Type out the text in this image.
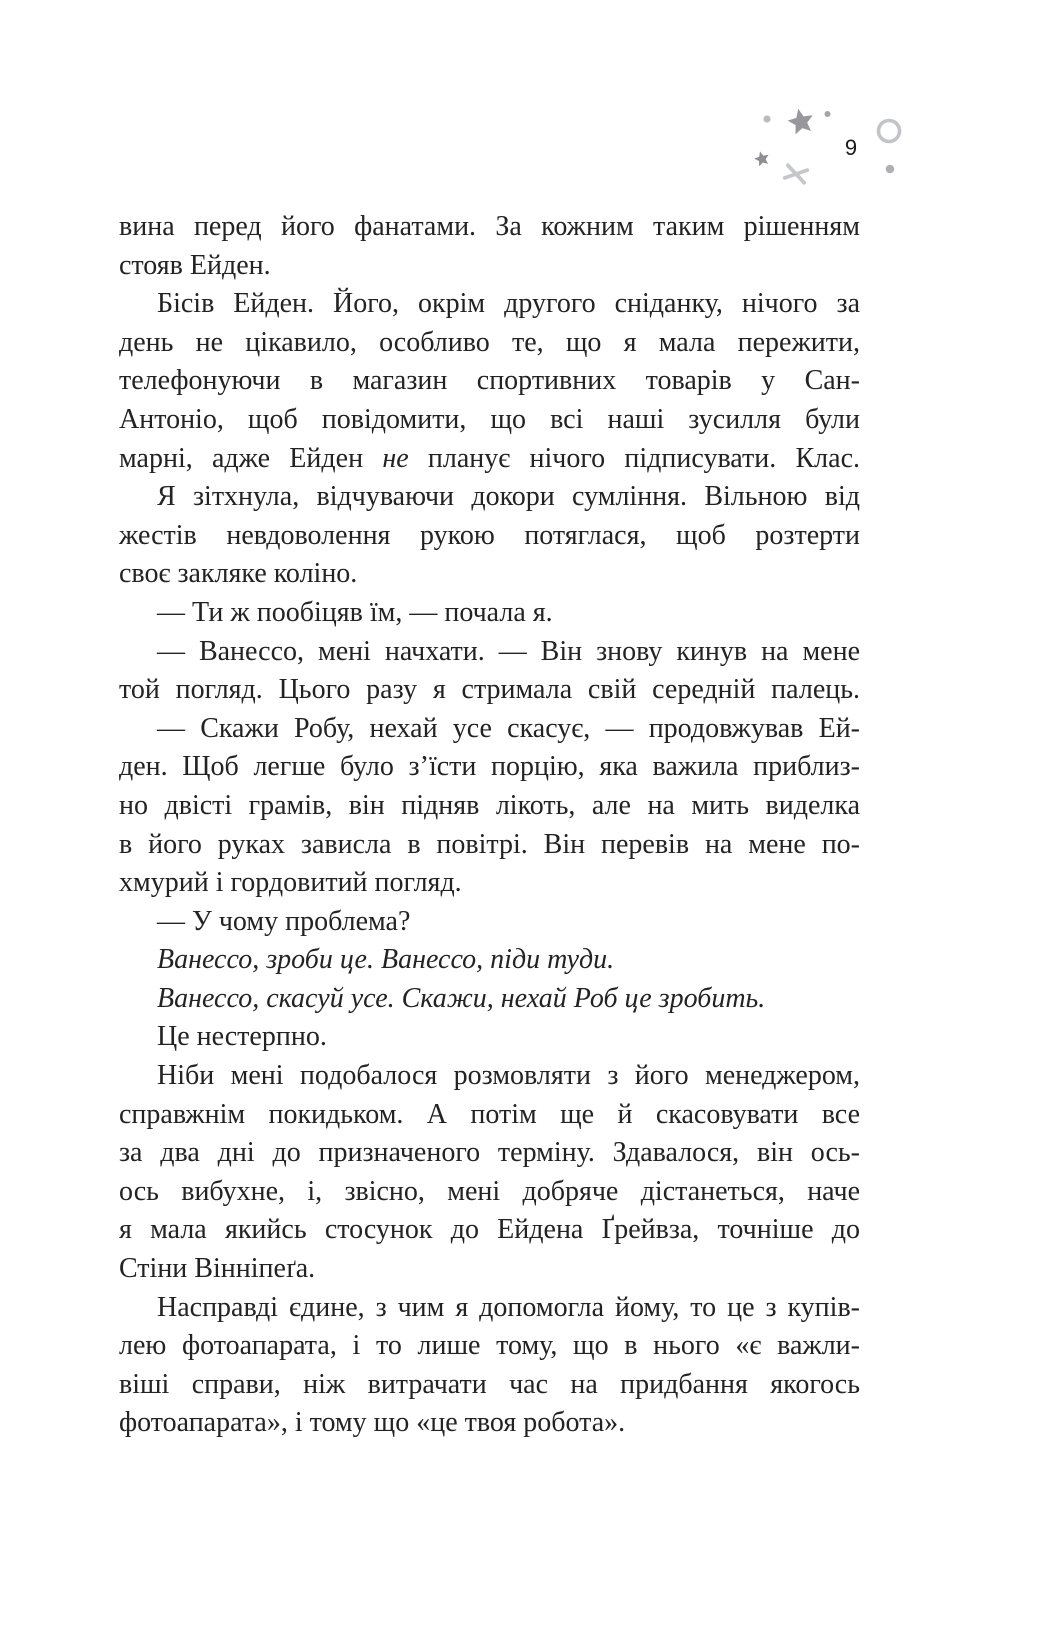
9
вина перед його фанатами. За кожним таким рішенням
стояв Ейден.
Бісів Ейден. Його, окрім другого сніданку, нічого за
день не цікавило, особливо те, що я мала пережити,
телефонуючи в магазин спортивних товарів у Сан-
Антоніо, щоб повідомити, що всі наші зусилля були
марні, адже Ейден не планує нічого підписувати. Клас.
Я зітхнула, відчуваючи докори сумління. Вільною від
жестів невдоволення рукою потяглася, щоб розтерти
своє закляке коліно.
— Ти ж пообіцяв їм, — почала я.
— Ванессо, мені начхати. — Він знову кинув на мене
той погляд. Цього разу я стримала свій середній палець.
— Скажи Робу, нехай усе скасує, — продовжував Ей-
ден. Щоб легше було з’їсти порцію, яка важила приблиз-
но двісті грамів, він підняв лікоть, але на мить виделка
в його руках зависла в повітрі. Він перевів на мене по-
хмурий і гордовитий погляд.
— У чому проблема?
Ванессо, зроби це. Ванессо, піди туди.
Ванессо, скасуй усе. Скажи, нехай Роб це зробить.
Це нестерпно.
Ніби мені подобалося розмовляти з його менеджером,
справжнім покидьком. А потім ще й скасовувати все
за два дні до призначеного терміну. Здавалося, він ось-
ось вибухне, і, звісно, мені добряче дістанеться, наче
я мала якийсь стосунок до Ейдена Ґрейвза, точніше до
Стіни Вінніпеґа.
Насправді єдине, з чим я допомогла йому, то це з купів-
лею фотоапарата, і то лише тому, що в нього «є важли-
віші справи, ніж витрачати час на придбання якогось
фотоапарата», і тому що «це твоя робота».
